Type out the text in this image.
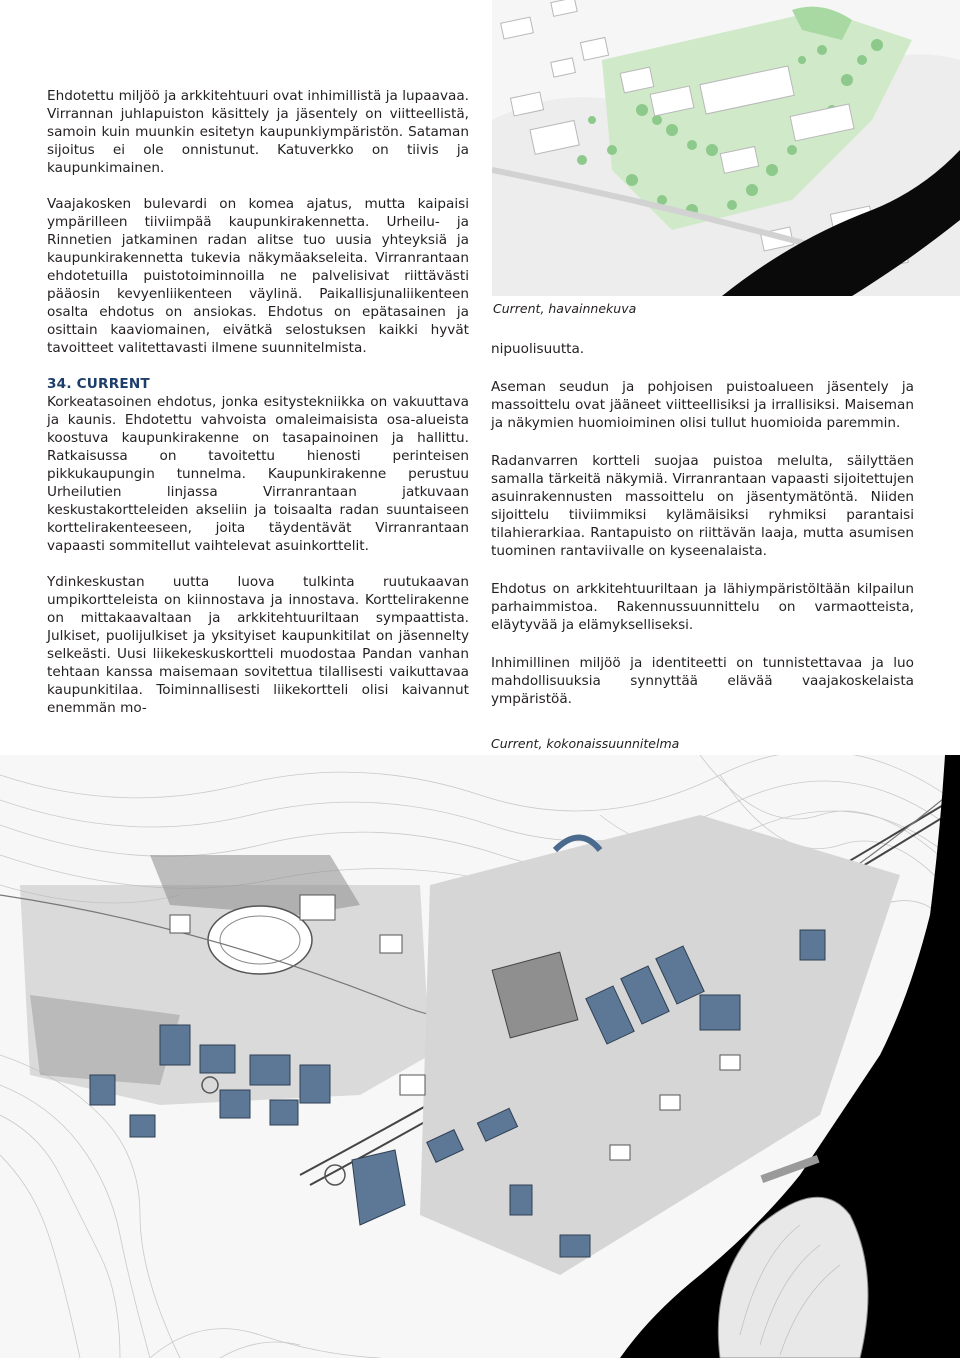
Current, havainnekuva

Ehdotettu miljöö ja arkkitehtuuri ovat inhimillistä ja lupaavaa. Virrannan juhlapuiston käsittely ja jäsentely on viitteellistä, samoin kuin muunkin esitetyn kaupunkiympäristön. Sataman sijoitus ei ole onnistunut. Katuverkko on tiivis ja kaupunkimainen.

Vaajakosken bulevardi on komea ajatus, mutta kaipaisi ympärilleen tiiviimpää kaupunkirakennetta. Urheilu- ja Rinnetien jatkaminen radan alitse tuo uusia yhteyksiä ja kaupunkirakennetta tukevia näkymäakseleita. Virranrantaan ehdotetuilla puistotoiminnoilla ne palvelisivat riittävästi pääosin kevyenliikenteen väylinä. Paikallisjunaliikenteen osalta ehdotus on ansiokas. Ehdotus on epätasainen ja osittain kaaviomainen, eivätkä selostuksen kaikki hyvät tavoitteet valitettavasti ilmene suunnitelmista.

34. CURRENT

Korkeatasoinen ehdotus, jonka esitystekniikka on vakuuttava ja kaunis. Ehdotettu vahvoista omaleimaisista osa-alueista koostuva kaupunkirakenne on tasapainoinen ja hallittu. Ratkaisussa on tavoitettu hienosti perinteisen pikkukaupungin tunnelma. Kaupunkirakenne perustuu Urheilutien linjassa Virranrantaan jatkuvaan keskustakortteleiden akseliin ja toisaalta radan suuntaiseen korttelirakenteeseen, joita täydentävät Virranrantaan vapaasti sommitellut vaihtelevat asuinkorttelit.

Ydinkeskustan uutta luova tulkinta ruutukaavan umpikortteleista on kiinnostava ja innostava. Korttelirakenne on mittakaavaltaan ja arkkitehtuuriltaan sympaattista. Julkiset, puolijulkiset ja yksityiset kaupunkitilat on jäsennelty selkeästi. Uusi liikekeskuskortteli muodostaa Pandan vanhan tehtaan kanssa maisemaan sovitettua tilallisesti vaikuttavaa kaupunkitilaa. Toiminnallisesti liikekortteli olisi kaivannut enemmän mo-

nipuolisuutta.

Aseman seudun ja pohjoisen puistoalueen jäsentely ja massoittelu ovat jääneet viitteellisiksi ja irrallisiksi. Maiseman ja näkymien huomioiminen olisi tullut huomioida paremmin.

Radanvarren kortteli suojaa puistoa melulta, säilyttäen samalla tärkeitä näkymiä. Virranrantaan vapaasti sijoitettujen asuinrakennusten massoittelu on jäsentymätöntä. Niiden sijoittelu tiiviimmiksi kylämäisiksi ryhmiksi parantaisi tilahierarkiaa. Rantapuisto on riittävän laaja, mutta asumisen tuominen rantaviivalle on kyseenalaista.

Ehdotus on arkkitehtuuriltaan ja lähiympäristöltään kilpailun parhaimmistoa. Rakennussuunnittelu on varmaotteista, eläytyvää ja elämykselliseksi.

Inhimillinen miljöö ja identiteetti on tunnistettavaa ja luo mahdollisuuksia synnyttää elävää vaajakoskelaista ympäristöä.

Current, kokonaissuunnitelma
